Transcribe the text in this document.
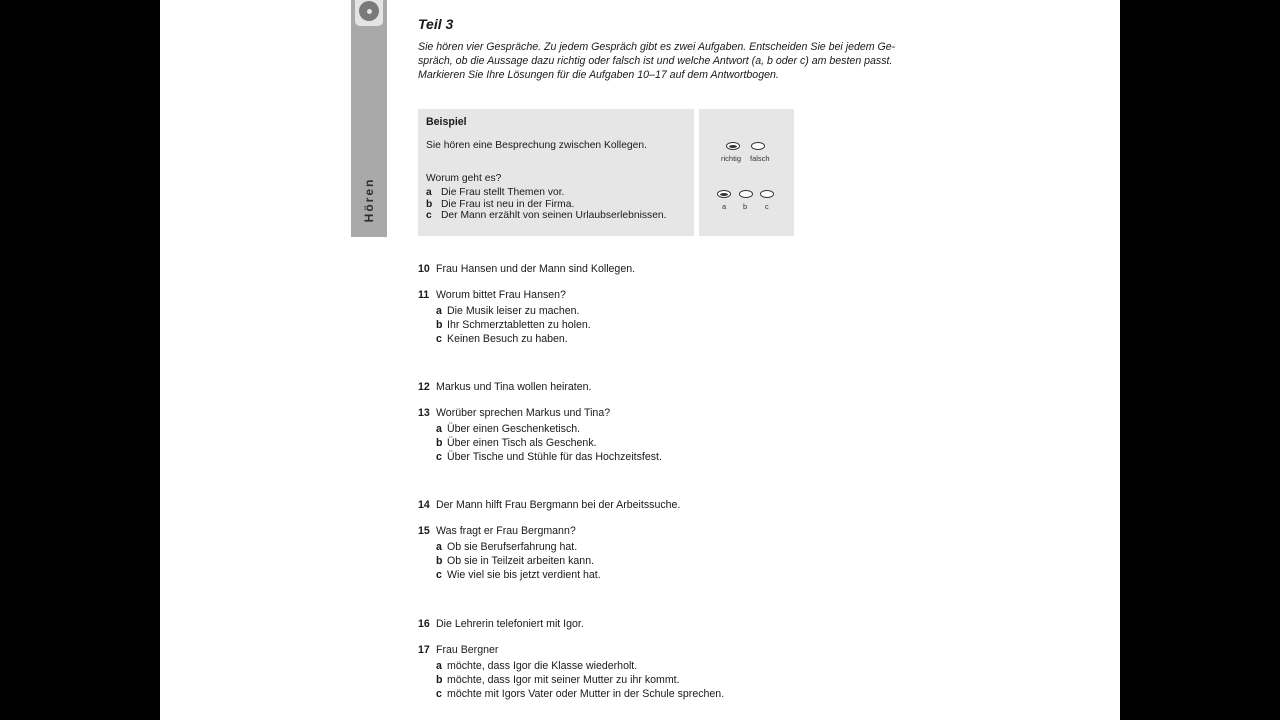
Hören
Teil 3
Sie hören vier Gespräche. Zu jedem Gespräch gibt es zwei Aufgaben. Entscheiden Sie bei jedem Ge-
spräch, ob die Aussage dazu richtig oder falsch ist und welche Antwort (a, b oder c) am besten passt.
Markieren Sie Ihre Lösungen für die Aufgaben 10–17 auf dem Antwortbogen.
Beispiel
Sie hören eine Besprechung zwischen Kollegen.
Worum geht es?
a Die Frau stellt Themen vor.
b Die Frau ist neu in der Firma.
c Der Mann erzählt von seinen Urlaubserlebnissen.
richtig falsch
a b c
10 Frau Hansen und der Mann sind Kollegen.
11 Worum bittet Frau Hansen?
a Die Musik leiser zu machen.
b Ihr Schmerztabletten zu holen.
c Keinen Besuch zu haben.
12 Markus und Tina wollen heiraten.
13 Worüber sprechen Markus und Tina?
a Über einen Geschenketisch.
b Über einen Tisch als Geschenk.
c Über Tische und Stühle für das Hochzeitsfest.
14 Der Mann hilft Frau Bergmann bei der Arbeitssuche.
15 Was fragt er Frau Bergmann?
a Ob sie Berufserfahrung hat.
b Ob sie in Teilzeit arbeiten kann.
c Wie viel sie bis jetzt verdient hat.
16 Die Lehrerin telefoniert mit Igor.
17 Frau Bergner
a möchte, dass Igor die Klasse wiederholt.
b möchte, dass Igor mit seiner Mutter zu ihr kommt.
c möchte mit Igors Vater oder Mutter in der Schule sprechen.
